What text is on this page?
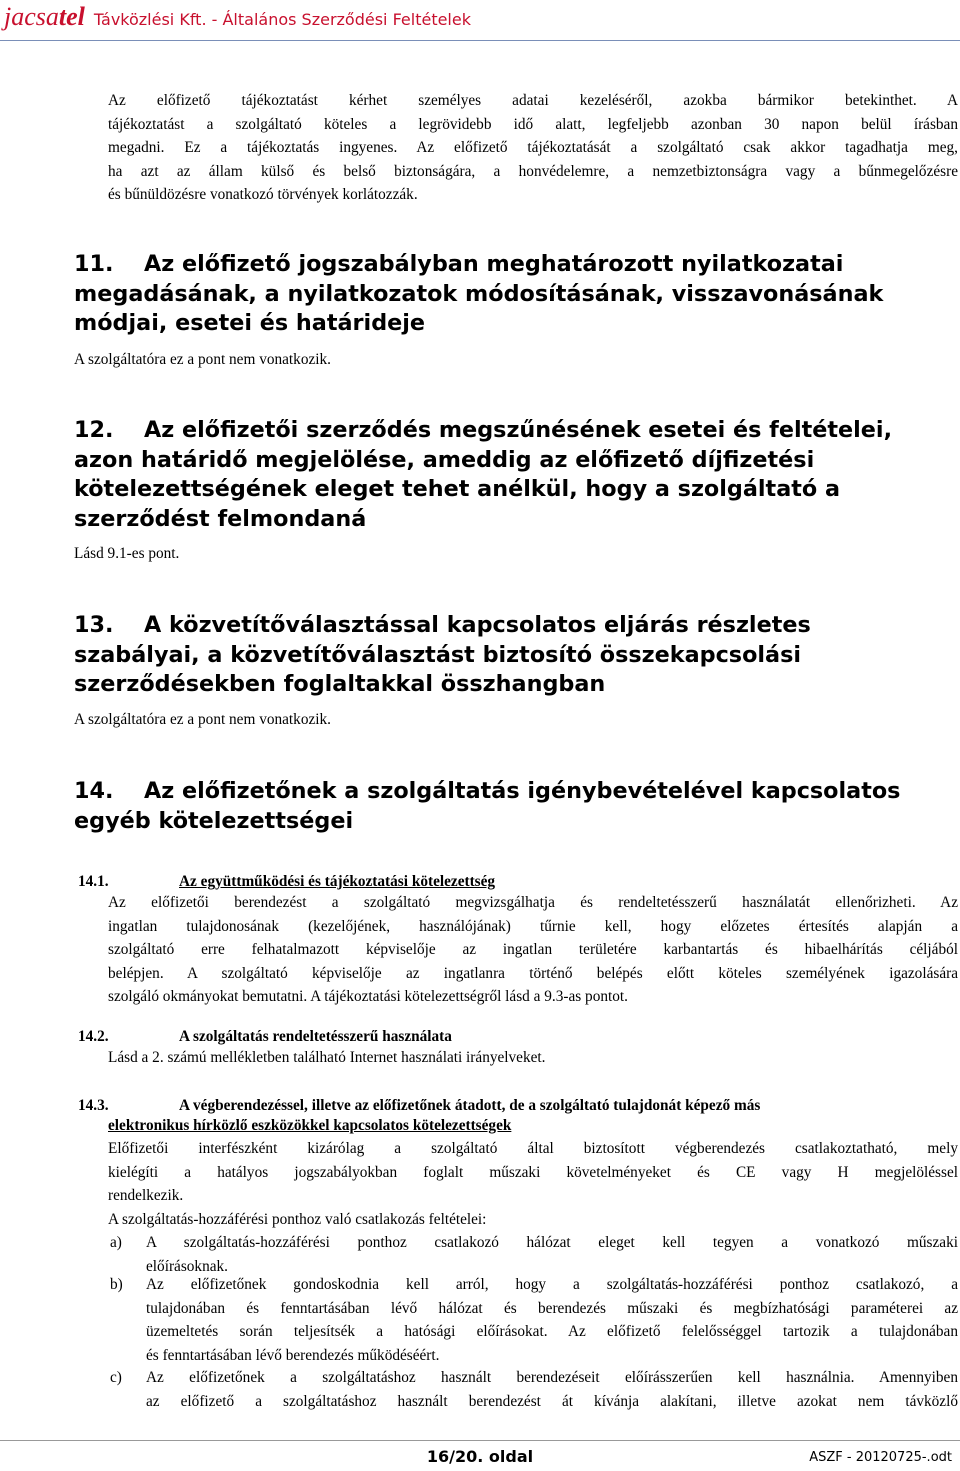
jacsa tel Távközlési Kft. - Általános Szerződési Feltételek
Az előfizető tájékoztatást kérhet személyes adatai kezeléséről, azokba bármikor betekinthet. A
tájékoztatást a szolgáltató köteles a legrövidebb idő alatt, legfeljebb azonban 30 napon belül írásban
megadni. Ez a tájékoztatás ingyenes. Az előfizető tájékoztatását a szolgáltató csak akkor tagadhatja meg,
ha azt az állam külső és belső biztonságára, a honvédelemre, a nemzetbiztonságra vagy a bűnmegelőzésre
és bűnüldözésre vonatkozó törvények korlátozzák.
11. Az előfizető jogszabályban meghatározott nyilatkozatai
megadásának, a nyilatkozatok módosításának, visszavonásának
módjai, esetei és határideje
A szolgáltatóra ez a pont nem vonatkozik.
12. Az előfizetői szerződés megszűnésének esetei és feltételei,
azon határidő megjelölése, ameddig az előfizető díjfizetési
kötelezettségének eleget tehet anélkül, hogy a szolgáltató a
szerződést felmondaná
Lásd 9.1-es pont.
13. A közvetítőválasztással kapcsolatos eljárás részletes
szabályai, a közvetítőválasztást biztosító összekapcsolási
szerződésekben foglaltakkal összhangban
A szolgáltatóra ez a pont nem vonatkozik.
14. Az előfizetőnek a szolgáltatás igénybevételével kapcsolatos
egyéb kötelezettségei
14.1.	Az együttműködési és tájékoztatási kötelezettség
Az előfizetői berendezést a szolgáltató megvizsgálhatja és rendeltetésszerű használatát ellenőrizheti. Az
ingatlan tulajdonosának (kezelőjének, használójának) tűrnie kell, hogy előzetes értesítés alapján a
szolgáltató erre felhatalmazott képviselője az ingatlan területére karbantartás és hibaelhárítás céljából
belépjen. A szolgáltató képviselője az ingatlanra történő belépés előtt köteles személyének igazolására
szolgáló okmányokat bemutatni. A tájékoztatási kötelezettségről lásd a 9.3-as pontot.
14.2.	A szolgáltatás rendeltetésszerű használata
Lásd a 2. számú mellékletben található Internet használati irányelveket.
14.3.	A végberendezéssel, illetve az előfizetőnek átadott, de a szolgáltató tulajdonát képező más
elektronikus hírközlő eszközökkel kapcsolatos kötelezettségek
Előfizetői interfészként kizárólag a szolgáltató által biztosított végberendezés csatlakoztatható, mely
kielégíti a hatályos jogszabályokban foglalt műszaki követelményeket és CE vagy H megjelöléssel
rendelkezik.
A szolgáltatás-hozzáférési ponthoz való csatlakozás feltételei:
a) A szolgáltatás-hozzáférési ponthoz csatlakozó hálózat eleget kell tegyen a vonatkozó műszaki
előírásoknak.
b) Az előfizetőnek gondoskodnia kell arról, hogy a szolgáltatás-hozzáférési ponthoz csatlakozó, a
tulajdonában és fenntartásában lévő hálózat és berendezés műszaki és megbízhatósági paraméterei az
üzemeltetés során teljesítsék a hatósági előírásokat. Az előfizető felelősséggel tartozik a tulajdonában
és fenntartásában lévő berendezés működéséért.
c) Az előfizetőnek a szolgáltatáshoz használt berendezéseit előírásszerűen kell használnia. Amennyiben
az előfizető a szolgáltatáshoz használt berendezést át kívánja alakítani, illetve azokat nem távközlő
16/20. oldal	ASZF - 20120725-.odt
